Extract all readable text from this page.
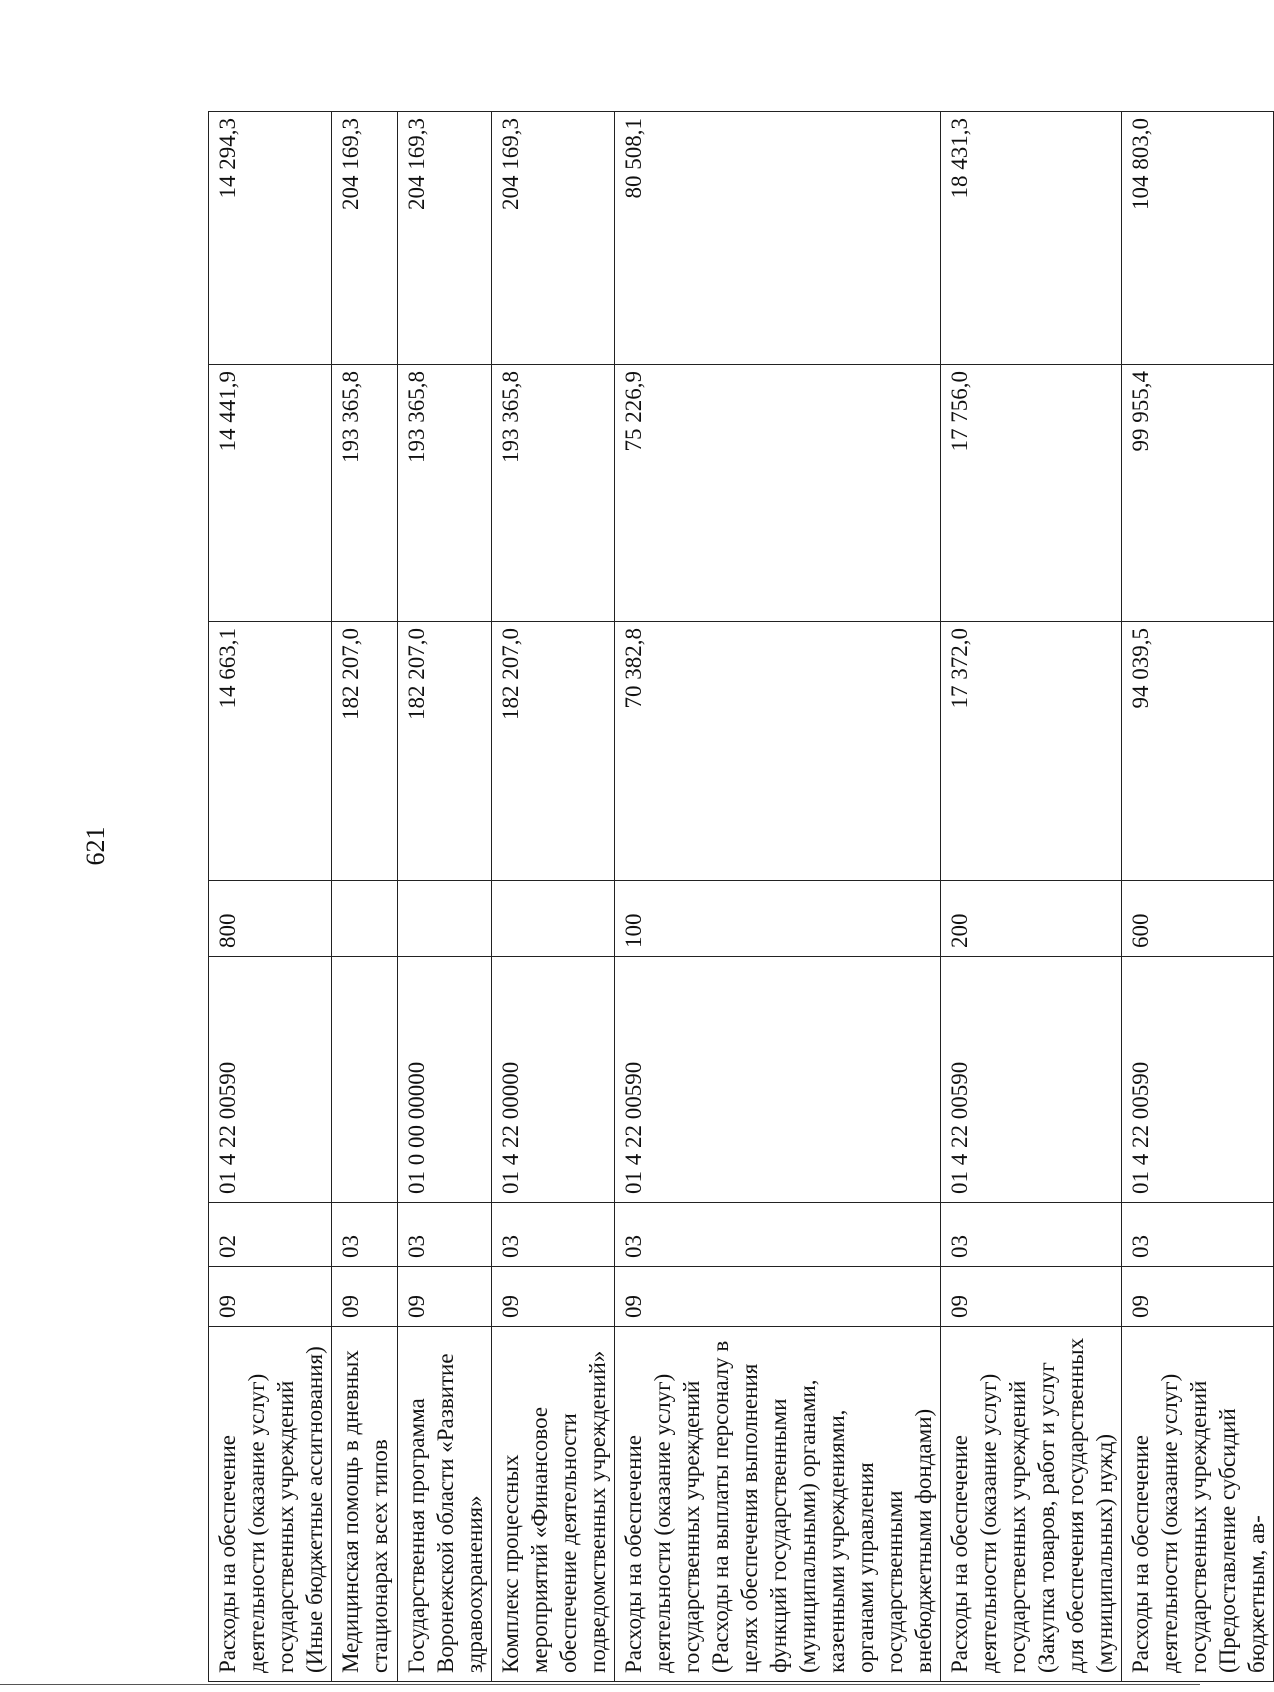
621
Расходы на обеспечение деятельности (оказание услуг) государственных учреждений (Иные бюджетные ассигнования)	09	02	01 4 22 00590	800	14 663,1	14 441,9	14 294,3
Медицинская помощь в дневных стационарах всех типов	09	03			182 207,0	193 365,8	204 169,3
Государственная программа Воронежской области «Развитие здравоохранения»	09	03	01 0 00 00000		182 207,0	193 365,8	204 169,3
Комплекс процессных мероприятий «Финансовое обеспечение деятельности подведомственных учреждений»	09	03	01 4 22 00000		182 207,0	193 365,8	204 169,3
Расходы на обеспечение деятельности (оказание услуг) государственных учреждений (Расходы на выплаты персоналу в целях обеспечения выполнения функций государственными (муниципальными) органами, казенными учреждениями, органами управления государственными внебюджетными фондами)	09	03	01 4 22 00590	100	70 382,8	75 226,9	80 508,1
Расходы на обеспечение деятельности (оказание услуг) государственных учреждений (Закупка товаров, работ и услуг для обеспечения государственных (муниципальных) нужд)	09	03	01 4 22 00590	200	17 372,0	17 756,0	18 431,3
Расходы на обеспечение деятельности (оказание услуг) государственных учреждений (Предоставление субсидий бюджетным, ав-	09	03	01 4 22 00590	600	94 039,5	99 955,4	104 803,0
